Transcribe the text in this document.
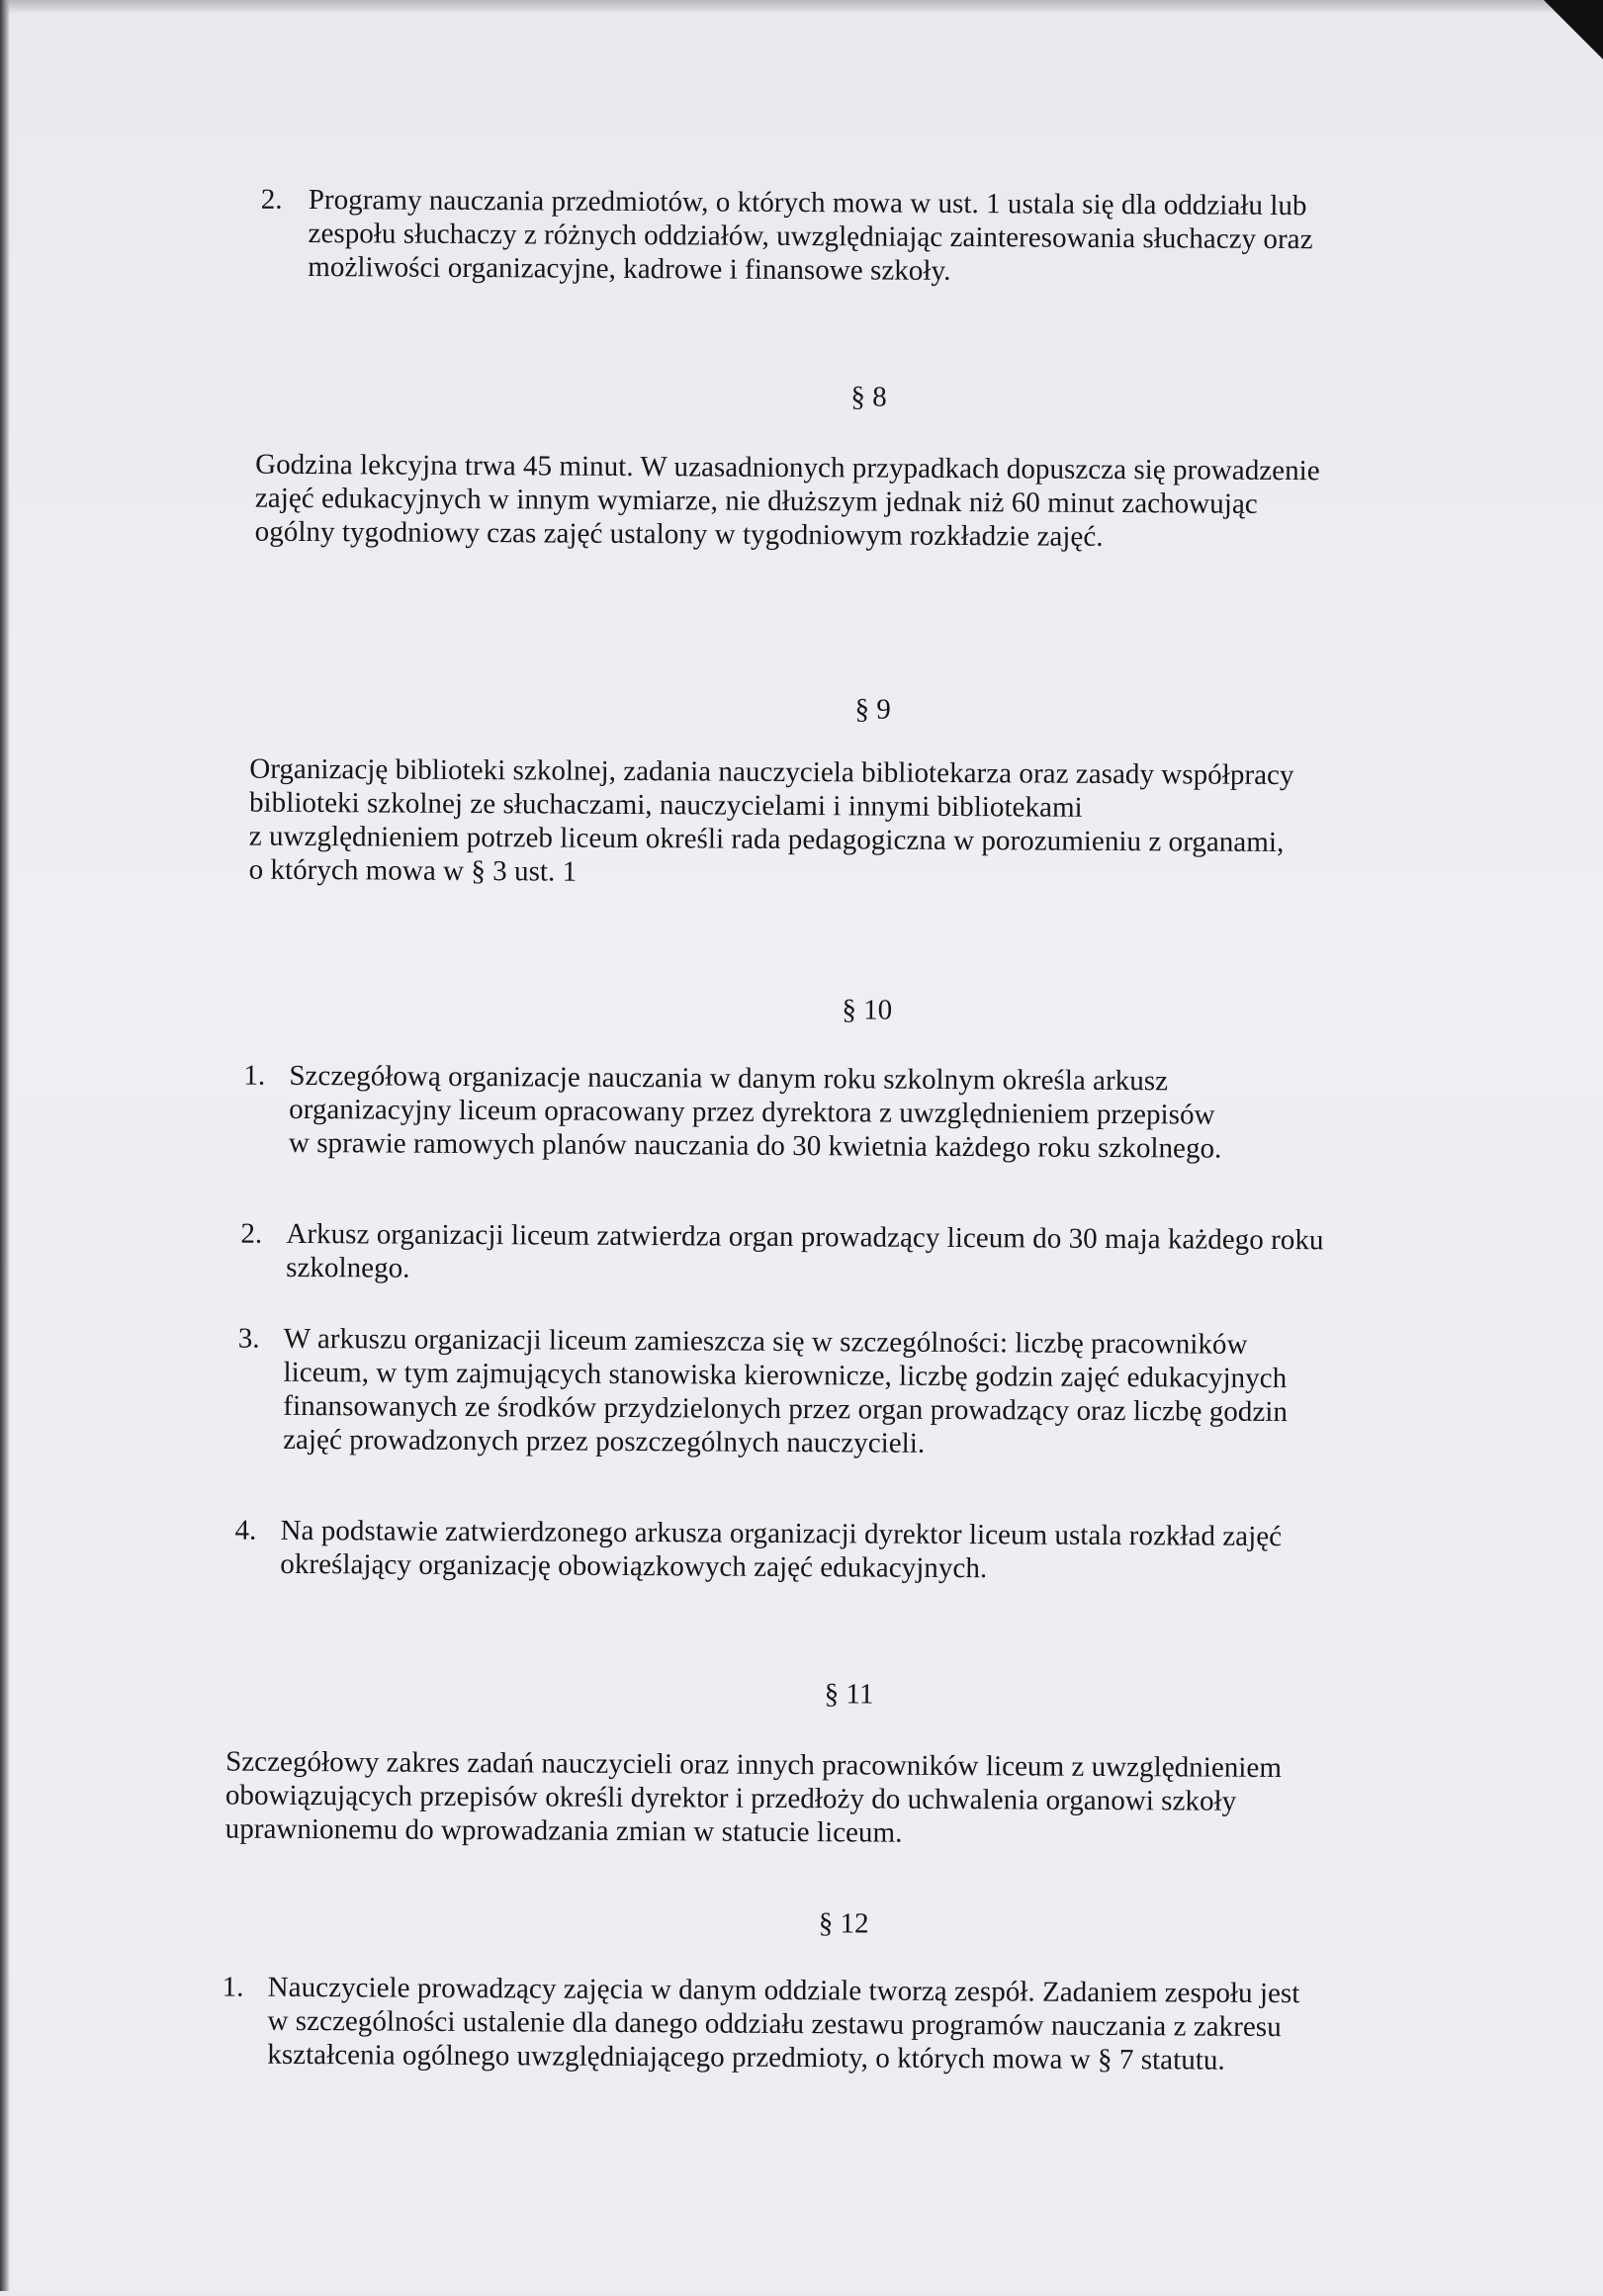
2. Programy nauczania przedmiotów, o których mowa w ust. 1 ustala się dla oddziału lub
zespołu słuchaczy z różnych oddziałów, uwzględniając zainteresowania słuchaczy oraz
możliwości organizacyjne, kadrowe i finansowe szkoły.
§ 8
Godzina lekcyjna trwa 45 minut. W uzasadnionych przypadkach dopuszcza się prowadzenie
zajęć edukacyjnych w innym wymiarze, nie dłuższym jednak niż 60 minut zachowując
ogólny tygodniowy czas zajęć ustalony w tygodniowym rozkładzie zajęć.
§ 9
Organizację biblioteki szkolnej, zadania nauczyciela bibliotekarza oraz zasady współpracy
biblioteki szkolnej ze słuchaczami, nauczycielami i innymi bibliotekami
z uwzględnieniem potrzeb liceum określi rada pedagogiczna w porozumieniu z organami,
o których mowa w § 3 ust. 1
§ 10
1. Szczegółową organizacje nauczania w danym roku szkolnym określa arkusz
organizacyjny liceum opracowany przez dyrektora z uwzględnieniem przepisów
w sprawie ramowych planów nauczania do 30 kwietnia każdego roku szkolnego.
2. Arkusz organizacji liceum zatwierdza organ prowadzący liceum do 30 maja każdego roku
szkolnego.
3. W arkuszu organizacji liceum zamieszcza się w szczególności: liczbę pracowników
liceum, w tym zajmujących stanowiska kierownicze, liczbę godzin zajęć edukacyjnych
finansowanych ze środków przydzielonych przez organ prowadzący oraz liczbę godzin
zajęć prowadzonych przez poszczególnych nauczycieli.
4. Na podstawie zatwierdzonego arkusza organizacji dyrektor liceum ustala rozkład zajęć
określający organizację obowiązkowych zajęć edukacyjnych.
§ 11
Szczegółowy zakres zadań nauczycieli oraz innych pracowników liceum z uwzględnieniem
obowiązujących przepisów określi dyrektor i przedłoży do uchwalenia organowi szkoły
uprawnionemu do wprowadzania zmian w statucie liceum.
§ 12
1. Nauczyciele prowadzący zajęcia w danym oddziale tworzą zespół. Zadaniem zespołu jest
w szczególności ustalenie dla danego oddziału zestawu programów nauczania z zakresu
kształcenia ogólnego uwzględniającego przedmioty, o których mowa w § 7 statutu.
